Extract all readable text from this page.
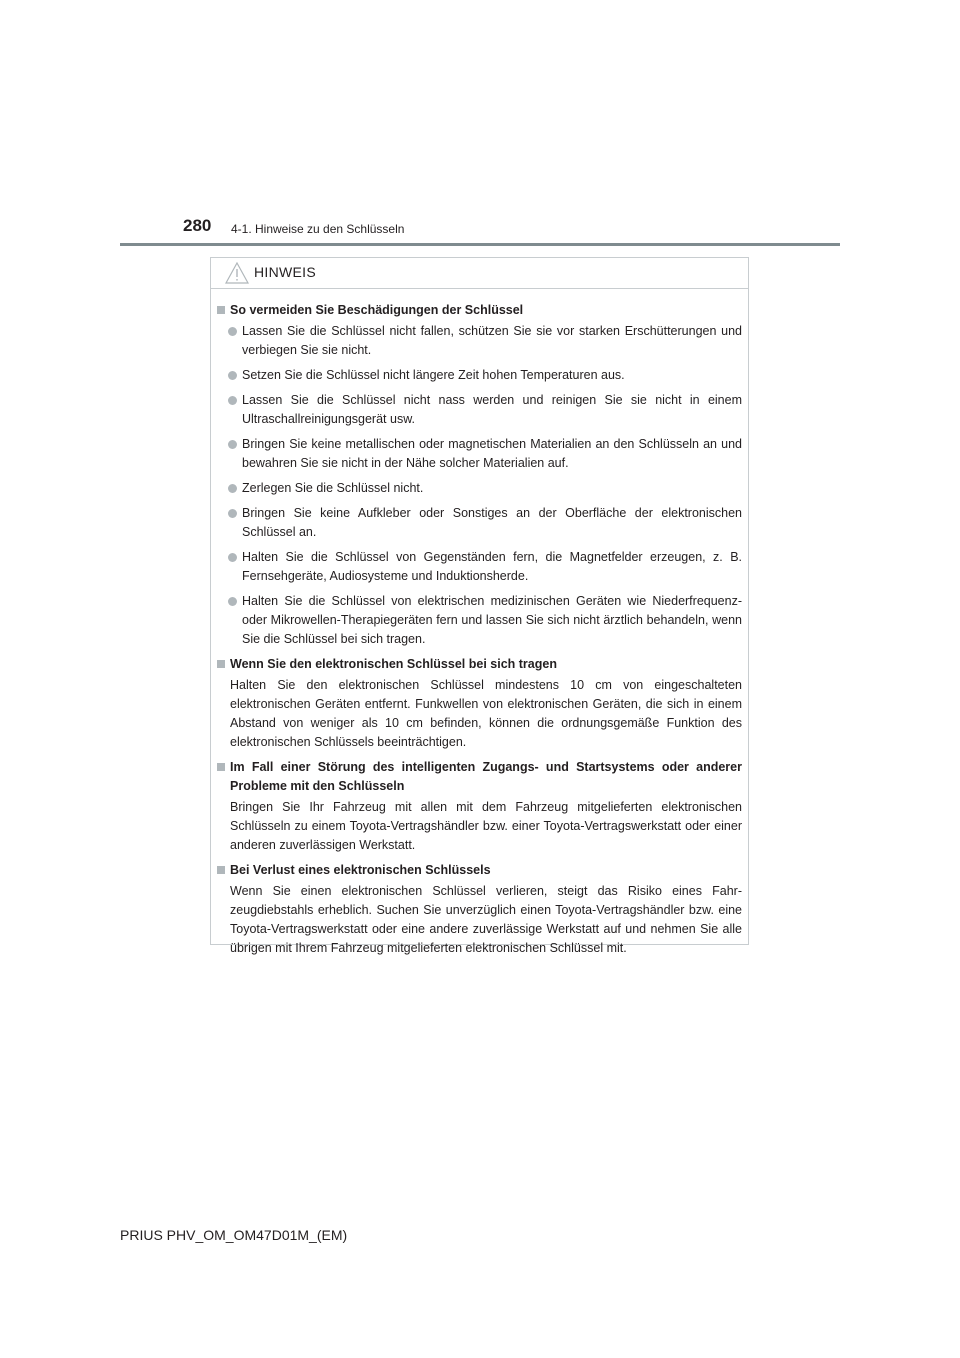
280 4-1. Hinweise zu den Schlüsseln
HINWEIS
So vermeiden Sie Beschädigungen der Schlüssel
Lassen Sie die Schlüssel nicht fallen, schützen Sie sie vor starken Erschütterungen und verbiegen Sie sie nicht.
Setzen Sie die Schlüssel nicht längere Zeit hohen Temperaturen aus.
Lassen Sie die Schlüssel nicht nass werden und reinigen Sie sie nicht in einem Ultraschallreinigungsgerät usw.
Bringen Sie keine metallischen oder magnetischen Materialien an den Schlüsseln an und bewahren Sie sie nicht in der Nähe solcher Materialien auf.
Zerlegen Sie die Schlüssel nicht.
Bringen Sie keine Aufkleber oder Sonstiges an der Oberfläche der elektronischen Schlüssel an.
Halten Sie die Schlüssel von Gegenständen fern, die Magnetfelder erzeugen, z. B. Fernsehgeräte, Audiosysteme und Induktionsherde.
Halten Sie die Schlüssel von elektrischen medizinischen Geräten wie Niederfrequenz- oder Mikrowellen-Therapiegeräten fern und lassen Sie sich nicht ärztlich behandeln, wenn Sie die Schlüssel bei sich tragen.
Wenn Sie den elektronischen Schlüssel bei sich tragen
Halten Sie den elektronischen Schlüssel mindestens 10 cm von eingeschalteten elektronischen Geräten entfernt. Funkwellen von elektronischen Geräten, die sich in einem Abstand von weniger als 10 cm befinden, können die ordnungsgemäße Funktion des elektronischen Schlüssels beeinträchtigen.
Im Fall einer Störung des intelligenten Zugangs- und Startsystems oder anderer Probleme mit den Schlüsseln
Bringen Sie Ihr Fahrzeug mit allen mit dem Fahrzeug mitgelieferten elektronischen Schlüsseln zu einem Toyota-Vertragshändler bzw. einer Toyota-Vertragswerkstatt oder einer anderen zuverlässigen Werkstatt.
Bei Verlust eines elektronischen Schlüssels
Wenn Sie einen elektronischen Schlüssel verlieren, steigt das Risiko eines Fahrzeugdiebstahls erheblich. Suchen Sie unverzüglich einen Toyota-Vertragshändler bzw. eine Toyota-Vertragswerkstatt oder eine andere zuverlässige Werkstatt auf und nehmen Sie alle übrigen mit Ihrem Fahrzeug mitgelieferten elektronischen Schlüssel mit.
PRIUS PHV_OM_OM47D01M_(EM)
